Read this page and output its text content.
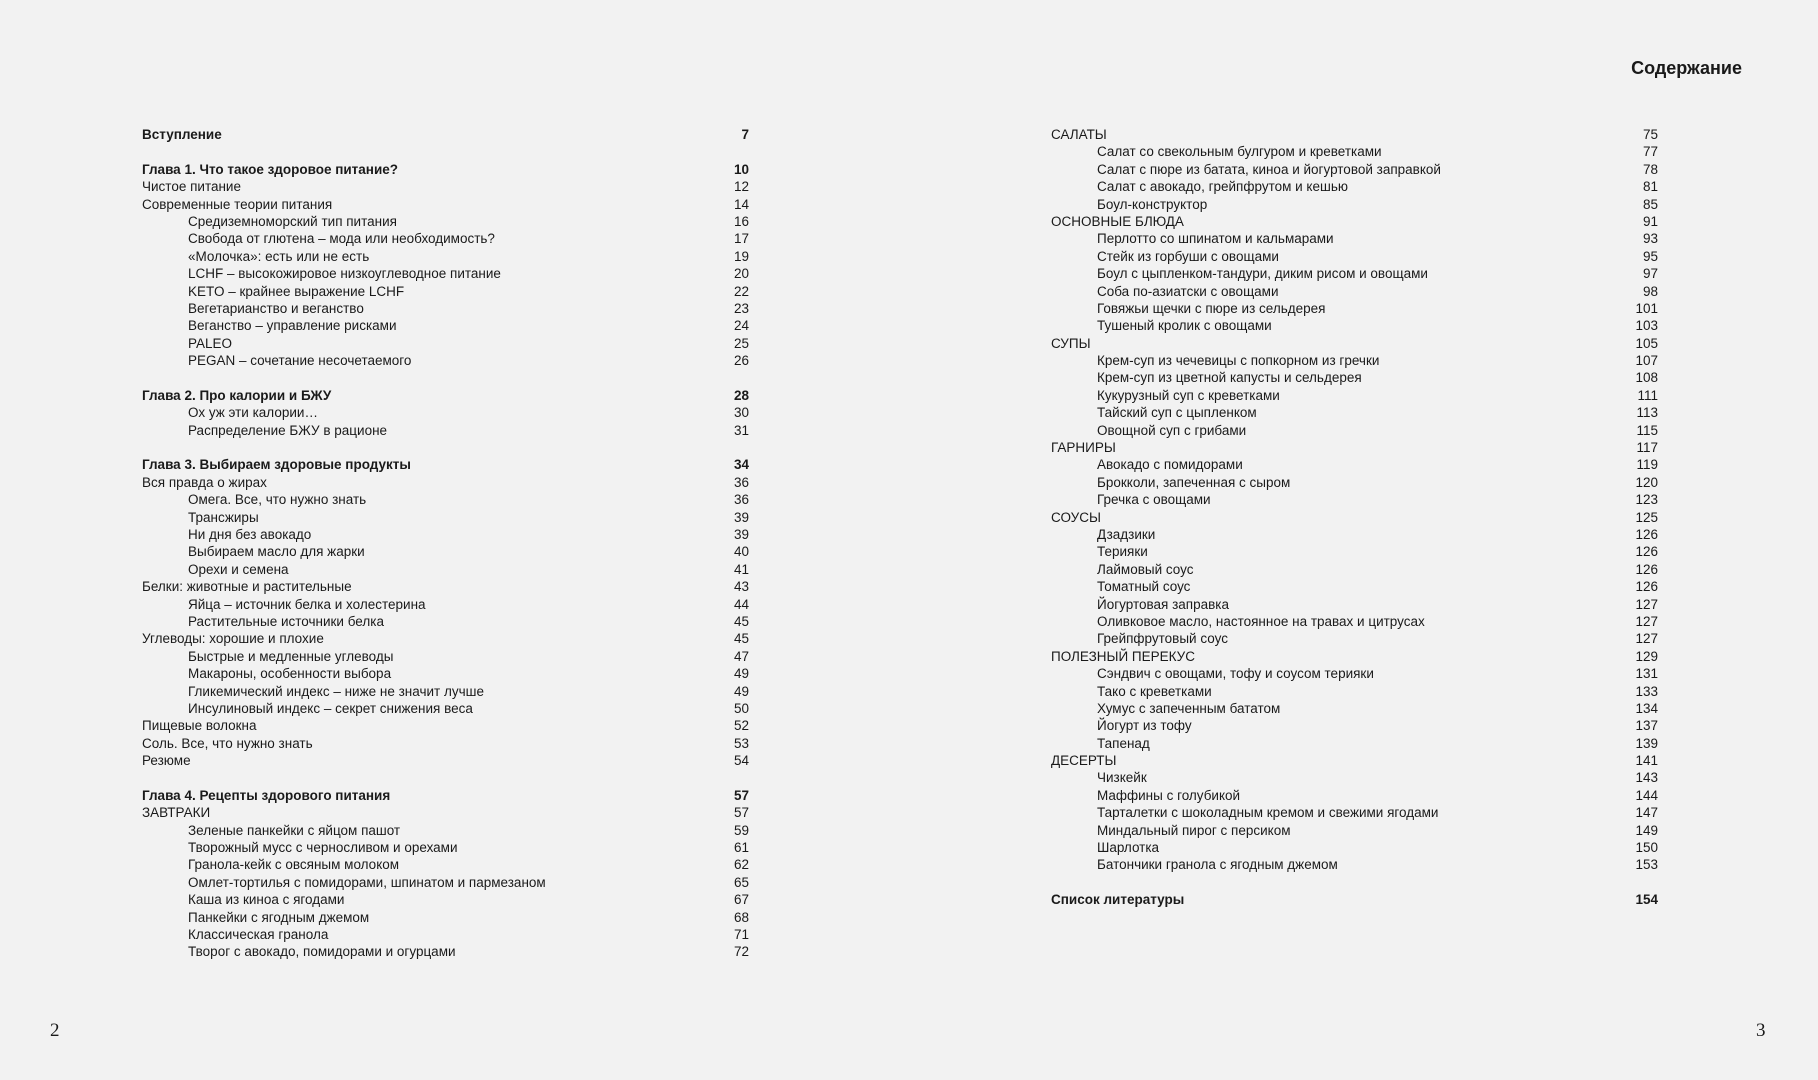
Содержание
Вступление	7
Глава 1. Что такое здоровое питание?	10
Чистое питание	12
Современные теории питания	14
Средиземноморский тип питания	16
Свобода от глютена – мода или необходимость?	17
«Молочка»: есть или не есть	19
LCHF – высокожировое низкоуглеводное питание	20
KETO – крайнее выражение LCHF	22
Вегетарианство и веганство	23
Веганство – управление рисками	24
PALEO	25
PEGAN – сочетание несочетаемого	26
Глава 2. Про калории и БЖУ	28
Ох уж эти калории…	30
Распределение БЖУ в рационе	31
Глава 3. Выбираем здоровые продукты	34
Вся правда о жирах	36
Омега. Все, что нужно знать	36
Трансжиры	39
Ни дня без авокадо	39
Выбираем масло для жарки	40
Орехи и семена	41
Белки: животные и растительные	43
Яйца – источник белка и холестерина	44
Растительные источники белка	45
Углеводы: хорошие и плохие	45
Быстрые и медленные углеводы	47
Макароны, особенности выбора	49
Гликемический индекс – ниже не значит лучше	49
Инсулиновый индекс – секрет снижения веса	50
Пищевые волокна	52
Соль. Все, что нужно знать	53
Резюме	54
Глава 4. Рецепты здорового питания	57
ЗАВТРАКИ	57
Зеленые панкейки с яйцом пашот	59
Творожный мусс с черносливом и орехами	61
Гранола-кейк с овсяным молоком	62
Омлет-тортилья с помидорами, шпинатом и пармезаном	65
Каша из киноа с ягодами	67
Панкейки с ягодным джемом	68
Классическая гранола	71
Творог с авокадо, помидорами и огурцами	72
САЛАТЫ	75
Салат со свекольным булгуром и креветками	77
Салат с пюре из батата, киноа и йогуртовой заправкой	78
Салат с авокадо, грейпфрутом и кешью	81
Боул-конструктор	85
ОСНОВНЫЕ БЛЮДА	91
Перлотто со шпинатом и кальмарами	93
Стейк из горбуши с овощами	95
Боул с цыпленком-тандури, диким рисом и овощами	97
Соба по-азиатски с овощами	98
Говяжьи щечки с пюре из сельдерея	101
Тушеный кролик с овощами	103
СУПЫ	105
Крем-суп из чечевицы с попкорном из гречки	107
Крем-суп из цветной капусты и сельдерея	108
Кукурузный суп с креветками	111
Тайский суп с цыпленком	113
Овощной суп с грибами	115
ГАРНИРЫ	117
Авокадо с помидорами	119
Брокколи, запеченная с сыром	120
Гречка с овощами	123
СОУСЫ	125
Дзадзики	126
Терияки	126
Лаймовый соус	126
Томатный соус	126
Йогуртовая заправка	127
Оливковое масло, настоянное на травах и цитрусах	127
Грейпфрутовый соус	127
ПОЛЕЗНЫЙ ПЕРЕКУС	129
Сэндвич с овощами, тофу и соусом терияки	131
Тако с креветками	133
Хумус с запеченным бататом	134
Йогурт из тофу	137
Тапенад	139
ДЕСЕРТЫ	141
Чизкейк	143
Маффины с голубикой	144
Тарталетки с шоколадным кремом и свежими ягодами	147
Миндальный пирог с персиком	149
Шарлотка	150
Батончики гранола с ягодным джемом	153
Список литературы	154
2	3
